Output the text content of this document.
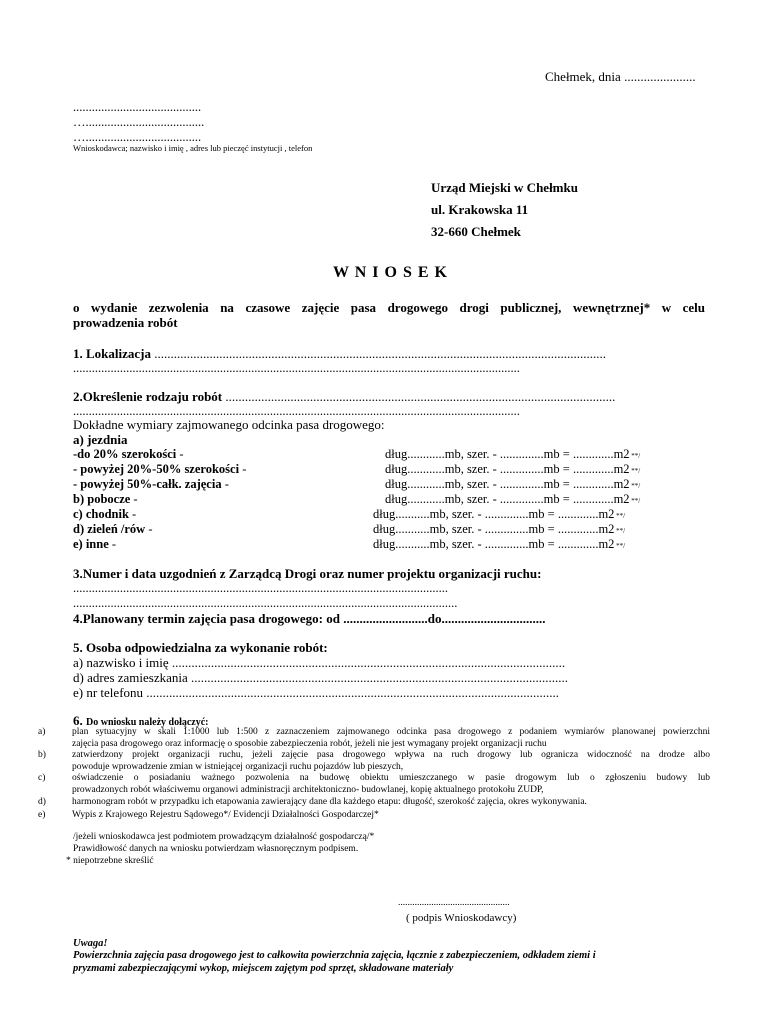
Chełmek, dnia ......................
.........................................
…......................................
….....................................
Wnioskodawca; nazwisko i imię , adres lub pieczęć instytucji , telefon
Urząd Miejski w Chełmku
ul. Krakowska 11
32-660 Chełmek
W N I O S E K
o wydanie zezwolenia na czasowe zajęcie pasa drogowego drogi publicznej, wewnętrznej* w celu
prowadzenia robót
1. Lokalizacja ...........................................................................................................................................
...............................................................................................................................................
2.Określenie rodzaju robót ........................................................................................................................
...............................................................................................................................................
Dokładne wymiary zajmowanego odcinka pasa drogowego:
a) jezdnia
-do 20% szerokości -	dług............mb, szer. - ..............mb = .............m2 **/
- powyżej 20%-50% szerokości -	dług............mb, szer. - ..............mb = .............m2 **/
- powyżej 50%-całk. zajęcia -	dług............mb, szer. - ..............mb = .............m2 **/
b) pobocze -	dług............mb, szer. - ..............mb = .............m2 **/
c) chodnik -	dług...........mb, szer. - ..............mb = .............m2 **/
d) zieleń /rów -	dług...........mb, szer. - ..............mb = .............m2 **/
e) inne -	dług...........mb, szer. - ..............mb = .............m2 **/
3.Numer i data uzgodnień z Zarządcą Drogi oraz numer projektu organizacji ruchu:
........................................................................................................................
...........................................................................................................................
4.Planowany termin zajęcia pasa drogowego: od ..........................do................................
5. Osoba odpowiedzialna za wykonanie robót:
a) nazwisko i imię .........................................................................................................................
d) adres zamieszkania ....................................................................................................................
e) nr telefonu ...............................................................................................................................
6. Do wniosku należy dołączyć:
a)	plan sytuacyjny w skali 1:1000 lub 1:500 z zaznaczeniem zajmowanego odcinka pasa drogowego z podaniem wymiarów planowanej powierzchni
zajęcia pasa drogowego oraz informację o sposobie zabezpieczenia robót, jeżeli nie jest wymagany projekt organizacji ruchu
b)	zatwierdzony projekt organizacji ruchu, jeżeli zajęcie pasa drogowego wpływa na ruch drogowy lub ogranicza widoczność na drodze albo
powoduje wprowadzenie zmian w istniejącej organizacji ruchu pojazdów lub pieszych,
c)	oświadczenie o posiadaniu ważnego pozwolenia na budowę obiektu umieszczanego w pasie drogowym lub o zgłoszeniu budowy lub
prowadzonych robót właściwemu organowi administracji architektoniczno- budowlanej, kopię aktualnego protokołu ZUDP,
d)	harmonogram robót w przypadku ich etapowania zawierający dane dla każdego etapu: długość, szerokość zajęcia, okres wykonywania.
e)	Wypis z Krajowego Rejestru Sądowego*/ Evidencji Działalności Gospodarczej*
/jeżeli wnioskodawca jest podmiotem prowadzącym działalność gospodarczą/*
Prawidłowość danych na wniosku potwierdzam własnoręcznym podpisem.
* niepotrzebne skreślić
...............................................
( podpis Wnioskodawcy)
Uwaga!
Powierzchnia zajęcia pasa drogowego jest to całkowita powierzchnia zajęcia, łącznie z zabezpieczeniem, odkładem ziemi i
pryzmami zabezpieczającymi wykop, miejscem zajętym pod sprzęt, składowane materiały
